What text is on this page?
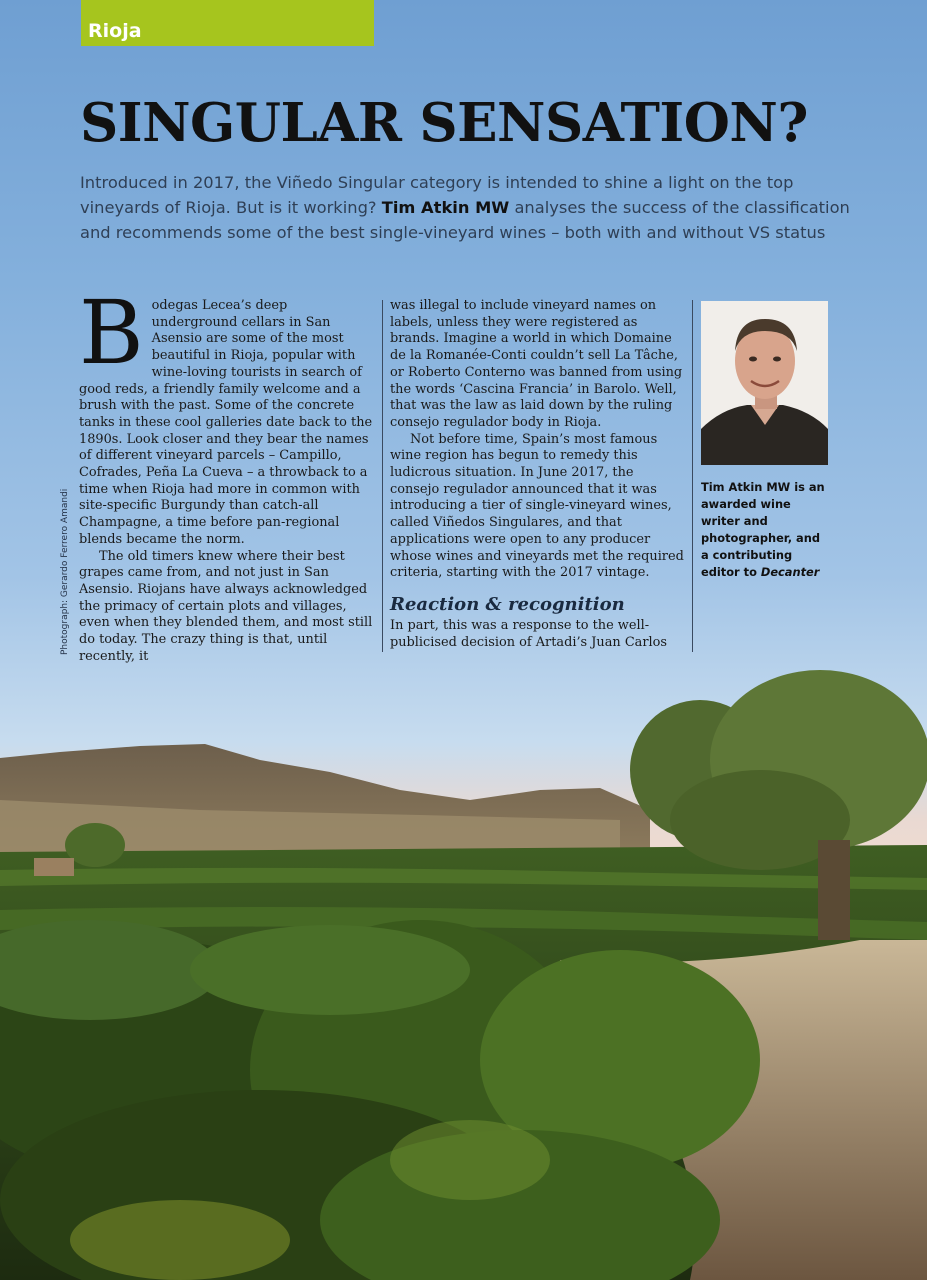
Rioja
SINGULAR SENSATION?

Introduced in 2017, the Viñedo Singular category is intended to shine a light on the top vineyards of Rioja. But is it working? Tim Atkin MW analyses the success of the classification and recommends some of the best single-vineyard wines – both with and without VS status

Bodegas Lecea’s deep underground cellars in San Asensio are some of the most beautiful in Rioja, popular with wine-loving tourists in search of good reds, a friendly family welcome and a brush with the past. Some of the concrete tanks in these cool galleries date back to the 1890s. Look closer and they bear the names of different vineyard parcels – Campillo, Cofrades, Peña La Cueva – a throwback to a time when Rioja had more in common with site-specific Burgundy than catch-all Champagne, a time before pan-regional blends became the norm.

The old timers knew where their best grapes came from, and not just in San Asensio. Riojans have always acknowledged the primacy of certain plots and villages, even when they blended them, and most still do today. The crazy thing is that, until recently, it

was illegal to include vineyard names on labels, unless they were registered as brands. Imagine a world in which Domaine de la Romanée-Conti couldn’t sell La Tâche, or Roberto Conterno was banned from using the words ‘Cascina Francia’ in Barolo. Well, that was the law as laid down by the ruling consejo regulador body in Rioja.

Not before time, Spain’s most famous wine region has begun to remedy this ludicrous situation. In June 2017, the consejo regulador announced that it was introducing a tier of single-vineyard wines, called Viñedos Singulares, and that applications were open to any producer whose wines and vineyards met the required criteria, starting with the 2017 vintage.

Reaction & recognition

In part, this was a response to the well-publicised decision of Artadi’s Juan Carlos

Tim Atkin MW is an awarded wine writer and photographer, and a contributing editor to Decanter

Photograph: Gerardo Ferrero Amandi
